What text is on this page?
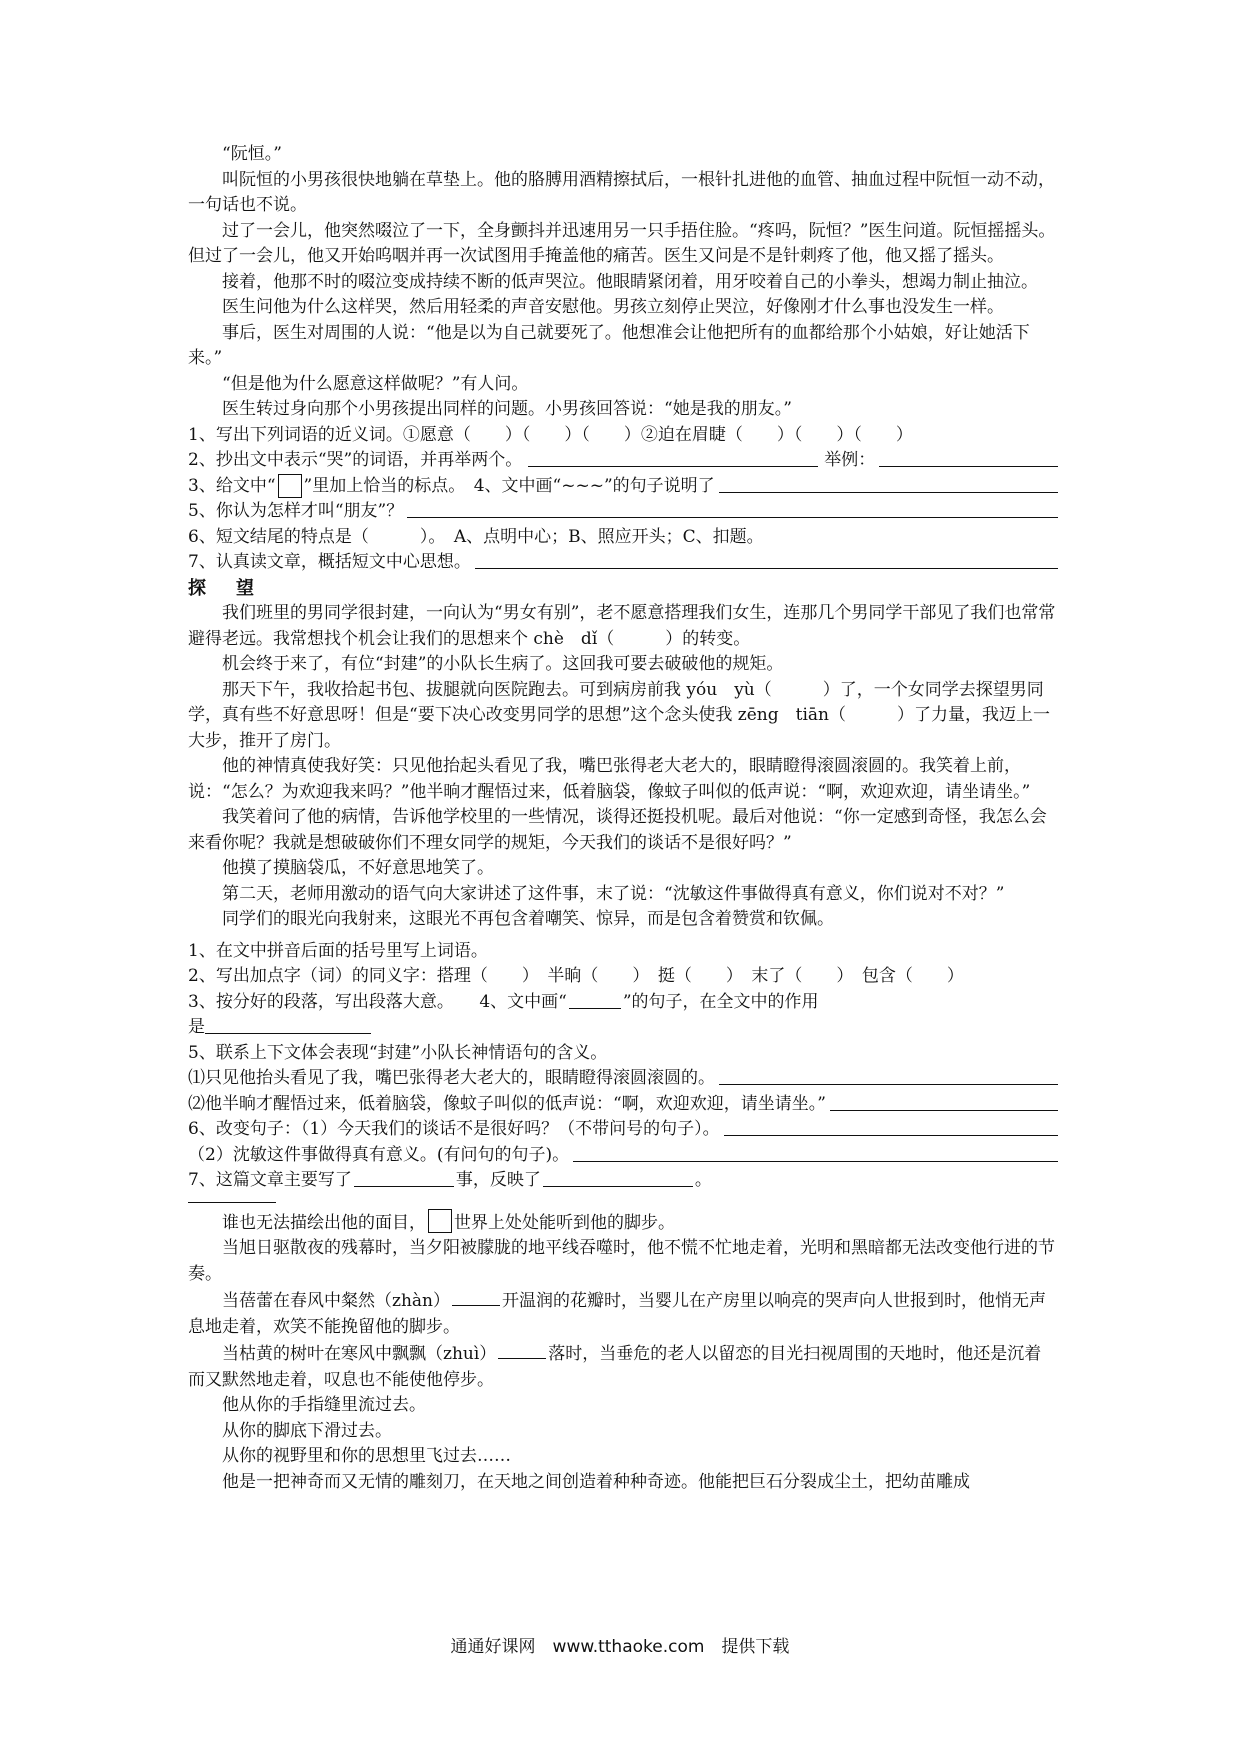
“阮恒。”

叫阮恒的小男孩很快地躺在草垫上。他的胳膊用酒精擦拭后，一根针扎进他的血管、抽血过程中阮恒一动不动，一句话也不说。

过了一会儿，他突然啜泣了一下，全身颤抖并迅速用另一只手捂住脸。“疼吗，阮恒？”医生问道。阮恒摇摇头。但过了一会儿，他又开始呜咽并再一次试图用手掩盖他的痛苦。医生又问是不是针刺疼了他，他又摇了摇头。

接着，他那不时的啜泣变成持续不断的低声哭泣。他眼睛紧闭着，用牙咬着自己的小拳头，想竭力制止抽泣。

医生问他为什么这样哭，然后用轻柔的声音安慰他。男孩立刻停止哭泣，好像刚才什么事也没发生一样。

事后，医生对周围的人说：“他是以为自己就要死了。他想准会让他把所有的血都给那个小姑娘，好让她活下来。”

“但是他为什么愿意这样做呢？”有人问。

医生转过身向那个小男孩提出同样的问题。小男孩回答说：“她是我的朋友。”

1、写出下列词语的近义词。①愿意（　　）（　　）（　　）②迫在眉睫（　　）（　　）（　　）

2、抄出文中表示“哭”的词语，并再举两个。	举例：
3、给文中“ ”里加上恰当的标点。　4、文中画“~~~”的句子说明了
5、你认为怎样才叫“朋友”？

6、短文结尾的特点是（　　　）。　A、点明中心；B、照应开头；C、扣题。

7、认真读文章，概括短文中心思想。

探　望

我们班里的男同学很封建，一向认为“男女有别”，老不愿意搭理我们女生，连那几个男同学干部见了我们也常常避得老远。我常想找个机会让我们的思想来个 chè　dǐ（　　　）的转变。

机会终于来了，有位“封建”的小队长生病了。这回我可要去破破他的规矩。

那天下午，我收拾起书包、拔腿就向医院跑去。可到病房前我 yóu　yù（　　　）了，一个女同学去探望男同学，真有些不好意思呀！但是“要下决心改变男同学的思想”这个念头使我 zēng　tiān（　　　）了力量，我迈上一大步，推开了房门。

他的神情真使我好笑：只见他抬起头看见了我，嘴巴张得老大老大的，眼睛瞪得滚圆滚圆的。我笑着上前，说：“怎么？为欢迎我来吗？”他半晌才醒悟过来，低着脑袋，像蚊子叫似的低声说：“啊，欢迎欢迎，请坐请坐。”

我笑着问了他的病情，告诉他学校里的一些情况，谈得还挺投机呢。最后对他说：“你一定感到奇怪，我怎么会来看你呢？我就是想破破你们不理女同学的规矩，今天我们的谈话不是很好吗？”

他摸了摸脑袋瓜，不好意思地笑了。

第二天，老师用激动的语气向大家讲述了这件事，末了说：“沈敏这件事做得真有意义，你们说对不对？”

同学们的眼光向我射来，这眼光不再包含着嘲笑、惊异，而是包含着赞赏和钦佩。

1、在文中拼音后面的括号里写上词语。

2、写出加点字（词）的同义字：搭理（　　）　半晌（　　）　挺（　　）　末了（　　）　包含（　　）

3、按分好的段落，写出段落大意。　　4、文中画“	”的句子，在全文中的作用
是

5、联系上下文体会表现“封建”小队长神情语句的含义。

⑴只见他抬头看见了我，嘴巴张得老大老大的，眼睛瞪得滚圆滚圆的。
⑵他半晌才醒悟过来，低着脑袋，像蚊子叫似的低声说：“啊，欢迎欢迎，请坐请坐。”
6、改变句子：（1）今天我们的谈话不是很好吗？（不带问号的句子）。
（2）沈敏这件事做得真有意义。(有问句的句子)。
7、这篇文章主要写了	事，反映了	。

谁也无法描绘出他的面目， 世界上处处能听到他的脚步。

当旭日驱散夜的残幕时，当夕阳被朦胧的地平线吞噬时，他不慌不忙地走着，光明和黑暗都无法改变他行进的节奏。

当蓓蕾在春风中粲然（zhàn）	开温润的花瓣时，当婴儿在产房里以响亮的哭声向人世报到时，他悄无声息地走着，欢笑不能挽留他的脚步。

当枯黄的树叶在寒风中飘飘（zhuì）	落时，当垂危的老人以留恋的目光扫视周围的天地时，他还是沉着而又默然地走着，叹息也不能使他停步。

他从你的手指缝里流过去。

从你的脚底下滑过去。

从你的视野里和你的思想里飞过去……

他是一把神奇而又无情的雕刻刀，在天地之间创造着种种奇迹。他能把巨石分裂成尘土，把幼苗雕成

通通好课网　www.tthaoke.com　提供下载
